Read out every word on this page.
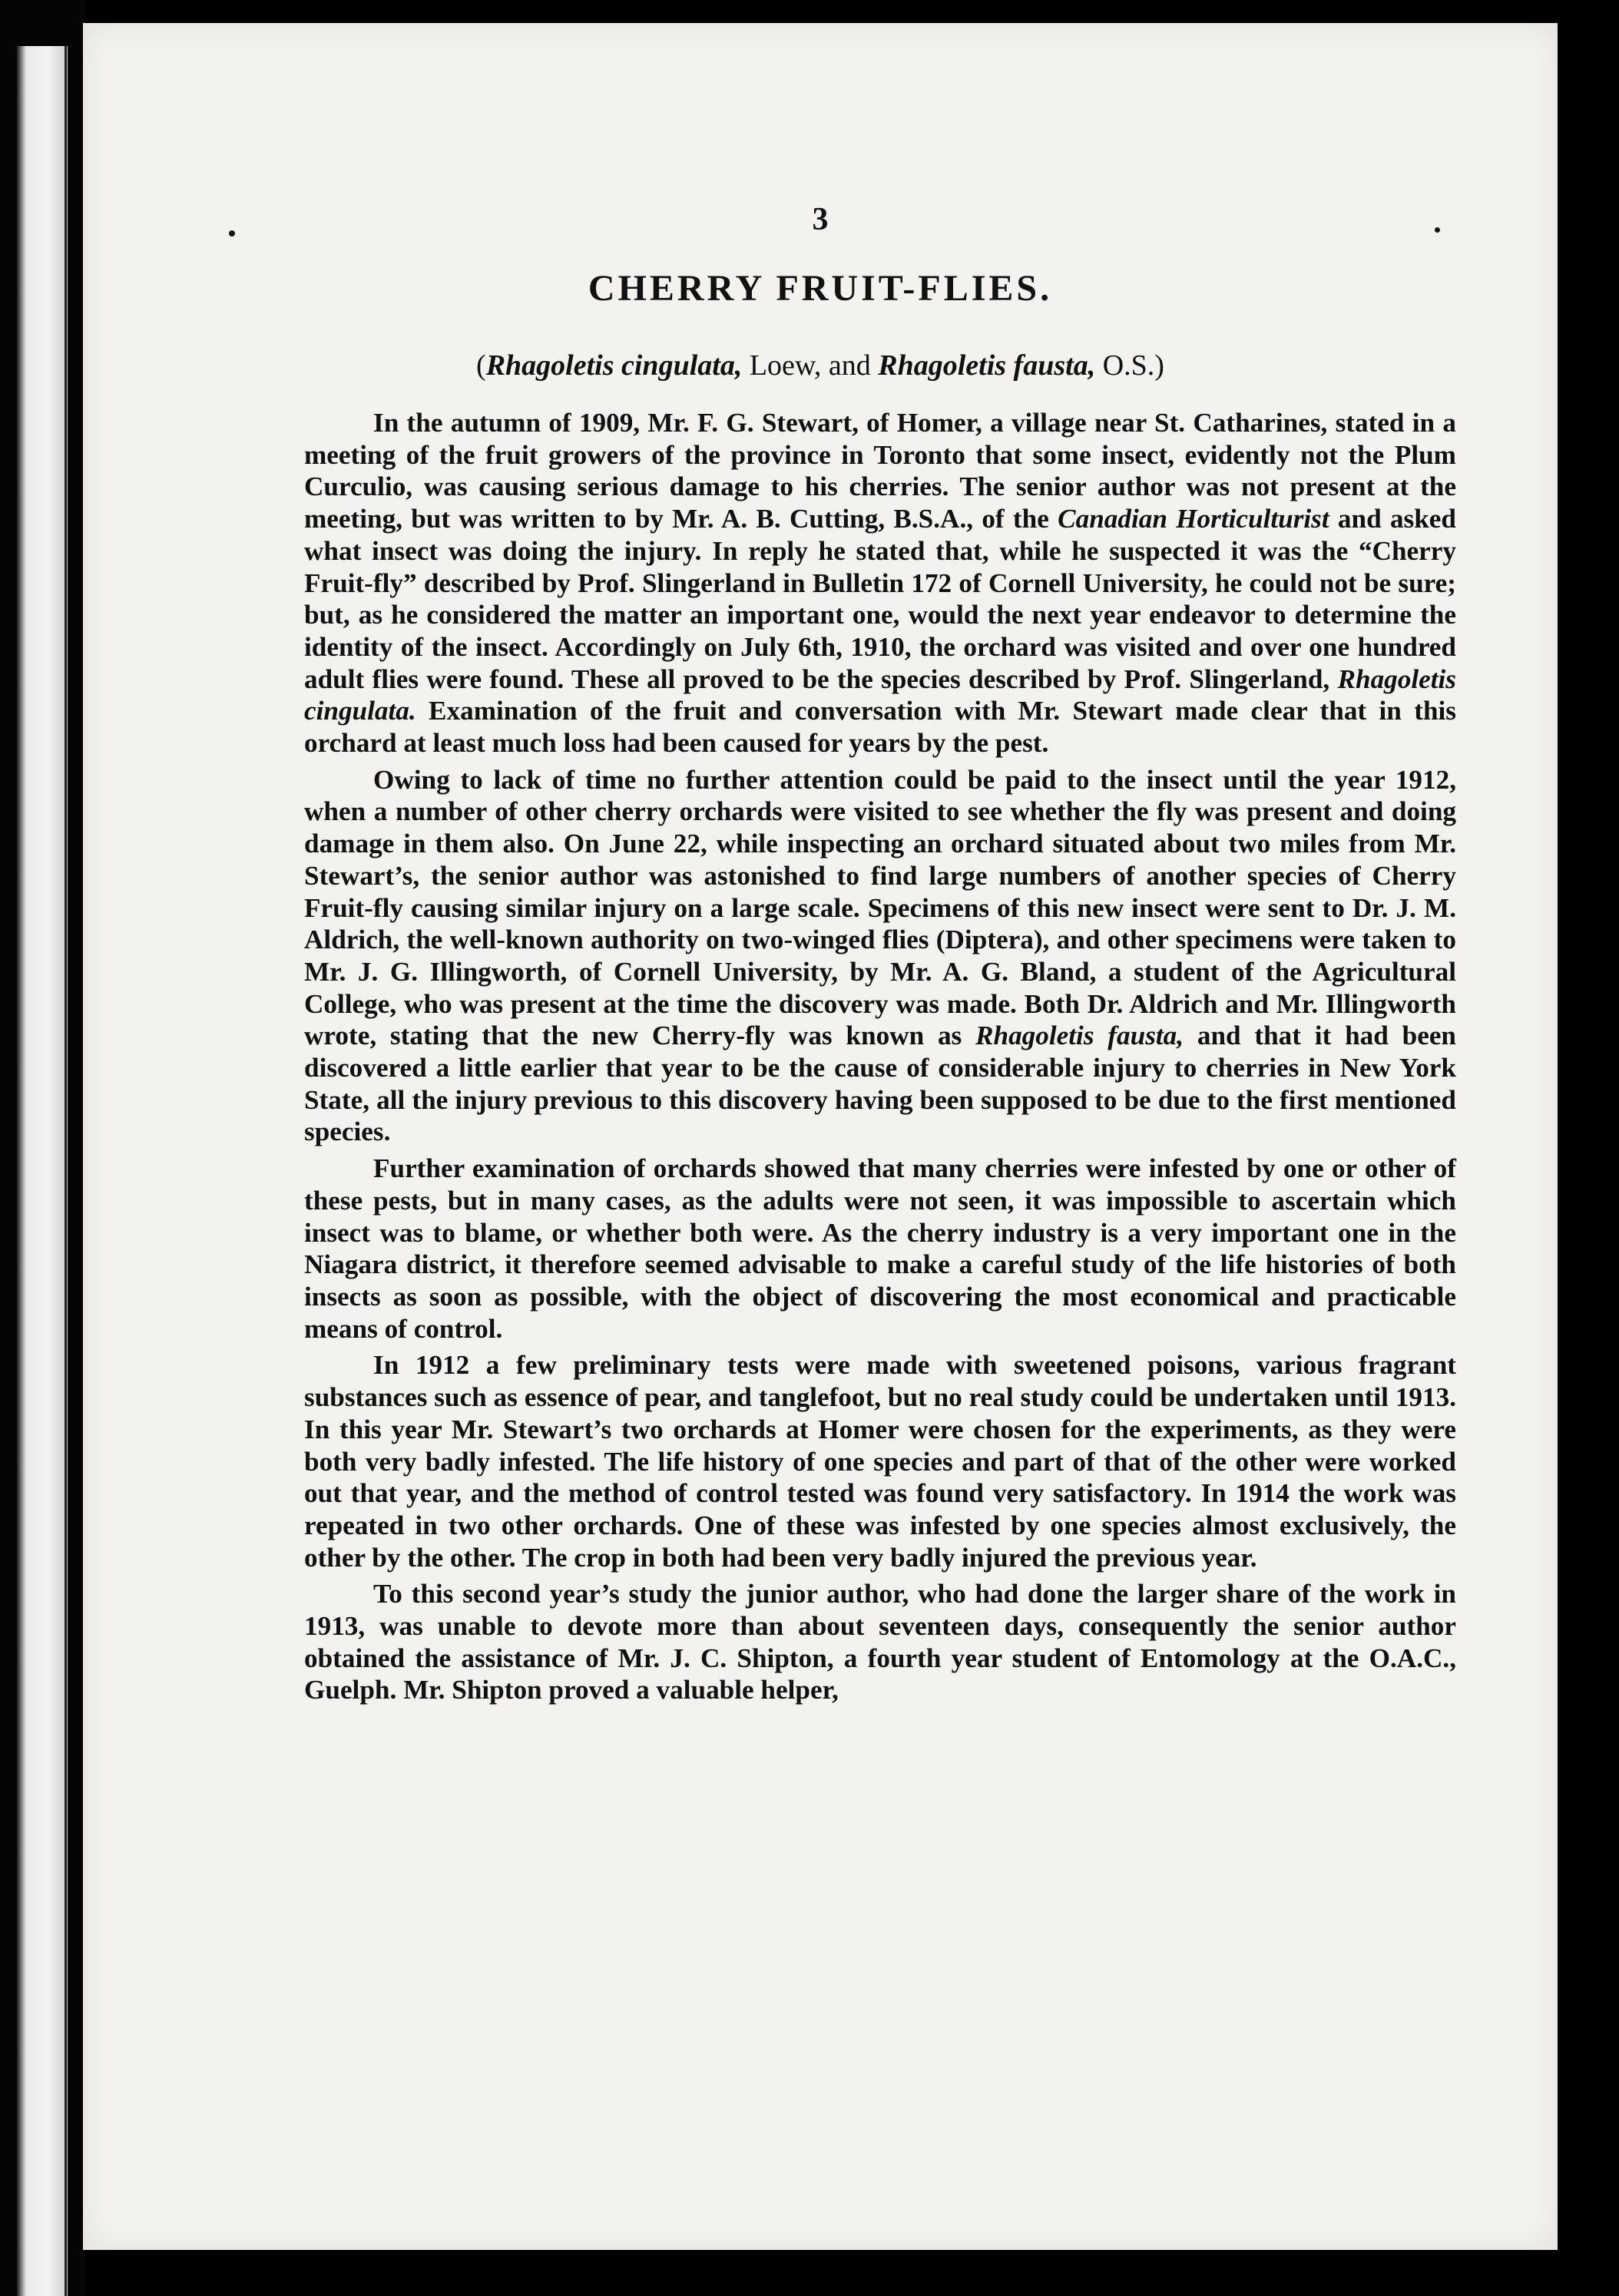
3
CHERRY FRUIT-FLIES.
(Rhagoletis cingulata, Loew, and Rhagoletis fausta, O.S.)

In the autumn of 1909, Mr. F. G. Stewart, of Homer, a village near St. Catharines, stated in a meeting of the fruit growers of the province in Toronto that some insect, evidently not the Plum Curculio, was causing serious damage to his cherries. The senior author was not present at the meeting, but was written to by Mr. A. B. Cutting, B.S.A., of the Canadian Horticulturist and asked what insect was doing the injury. In reply he stated that, while he suspected it was the “Cherry Fruit-fly” described by Prof. Slingerland in Bulletin 172 of Cornell University, he could not be sure; but, as he considered the matter an important one, would the next year endeavor to determine the identity of the insect. Accordingly on July 6th, 1910, the orchard was visited and over one hundred adult flies were found. These all proved to be the species described by Prof. Slingerland, Rhagoletis cingulata. Examination of the fruit and conversation with Mr. Stewart made clear that in this orchard at least much loss had been caused for years by the pest.

Owing to lack of time no further attention could be paid to the insect until the year 1912, when a number of other cherry orchards were visited to see whether the fly was present and doing damage in them also. On June 22, while inspecting an orchard situated about two miles from Mr. Stewart’s, the senior author was astonished to find large numbers of another species of Cherry Fruit-fly causing similar injury on a large scale. Specimens of this new insect were sent to Dr. J. M. Aldrich, the well-known authority on two-winged flies (Diptera), and other specimens were taken to Mr. J. G. Illingworth, of Cornell University, by Mr. A. G. Bland, a student of the Agricultural College, who was present at the time the discovery was made. Both Dr. Aldrich and Mr. Illingworth wrote, stating that the new Cherry-fly was known as Rhagoletis fausta, and that it had been discovered a little earlier that year to be the cause of considerable injury to cherries in New York State, all the injury previous to this discovery having been supposed to be due to the first mentioned species.

Further examination of orchards showed that many cherries were infested by one or other of these pests, but in many cases, as the adults were not seen, it was impossible to ascertain which insect was to blame, or whether both were. As the cherry industry is a very important one in the Niagara district, it therefore seemed advisable to make a careful study of the life histories of both insects as soon as possible, with the object of discovering the most economical and practicable means of control.

In 1912 a few preliminary tests were made with sweetened poisons, various fragrant substances such as essence of pear, and tanglefoot, but no real study could be undertaken until 1913. In this year Mr. Stewart’s two orchards at Homer were chosen for the experiments, as they were both very badly infested. The life history of one species and part of that of the other were worked out that year, and the method of control tested was found very satisfactory. In 1914 the work was repeated in two other orchards. One of these was infested by one species almost exclusively, the other by the other. The crop in both had been very badly injured the previous year.

To this second year’s study the junior author, who had done the larger share of the work in 1913, was unable to devote more than about seventeen days, consequently the senior author obtained the assistance of Mr. J. C. Shipton, a fourth year student of Entomology at the O.A.C., Guelph. Mr. Shipton proved a valuable helper,
